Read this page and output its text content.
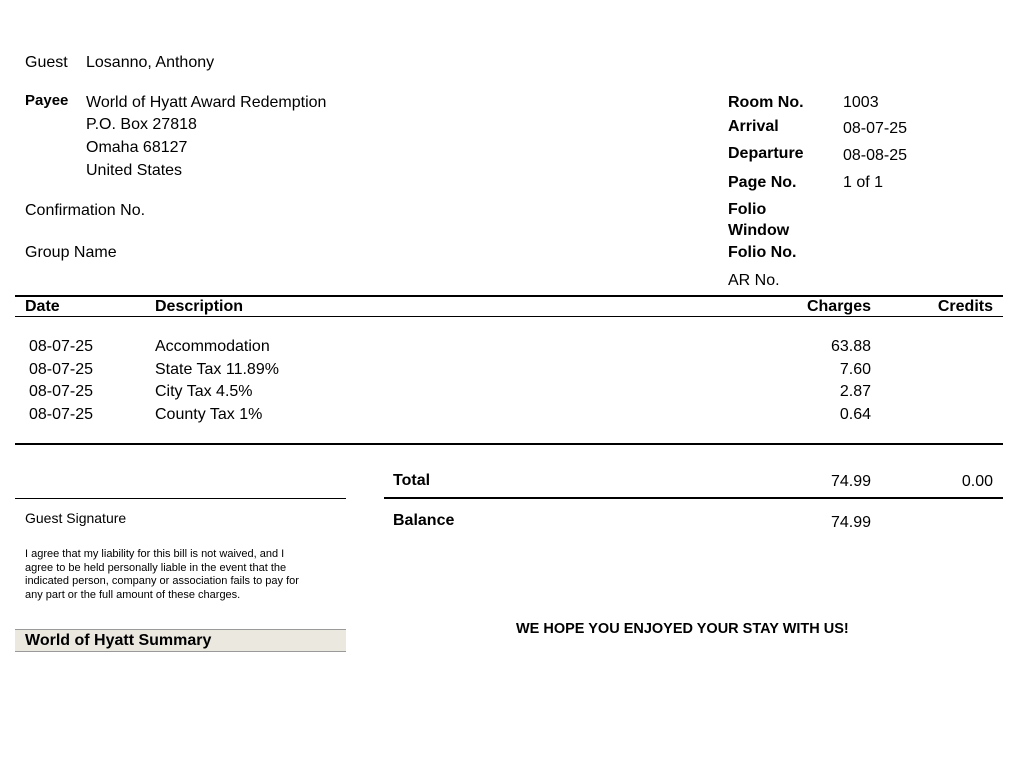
Guest Losanno, Anthony
Payee World of Hyatt Award Redemption
P.O. Box 27818
Omaha 68127
United States
Confirmation No.
Group Name
Room No. 1003
Arrival	08-07-25
Departure 08-08-25
Page No.	1 of 1
Folio
Window
Folio No.
AR No.
Date	Description	Charges	Credits
08-07-25	Accommodation	63.88
08-07-25	State Tax 11.89%	7.60
08-07-25	City Tax 4.5%	2.87
08-07-25	County Tax 1%	0.64
Total	74.99	0.00
Balance	74.99
Guest Signature
I agree that my liability for this bill is not waived, and I
agree to be held personally liable in the event that the
indicated person, company or association fails to pay for
any part or the full amount of these charges.
World of Hyatt Summary
WE HOPE YOU ENJOYED YOUR STAY WITH US!
